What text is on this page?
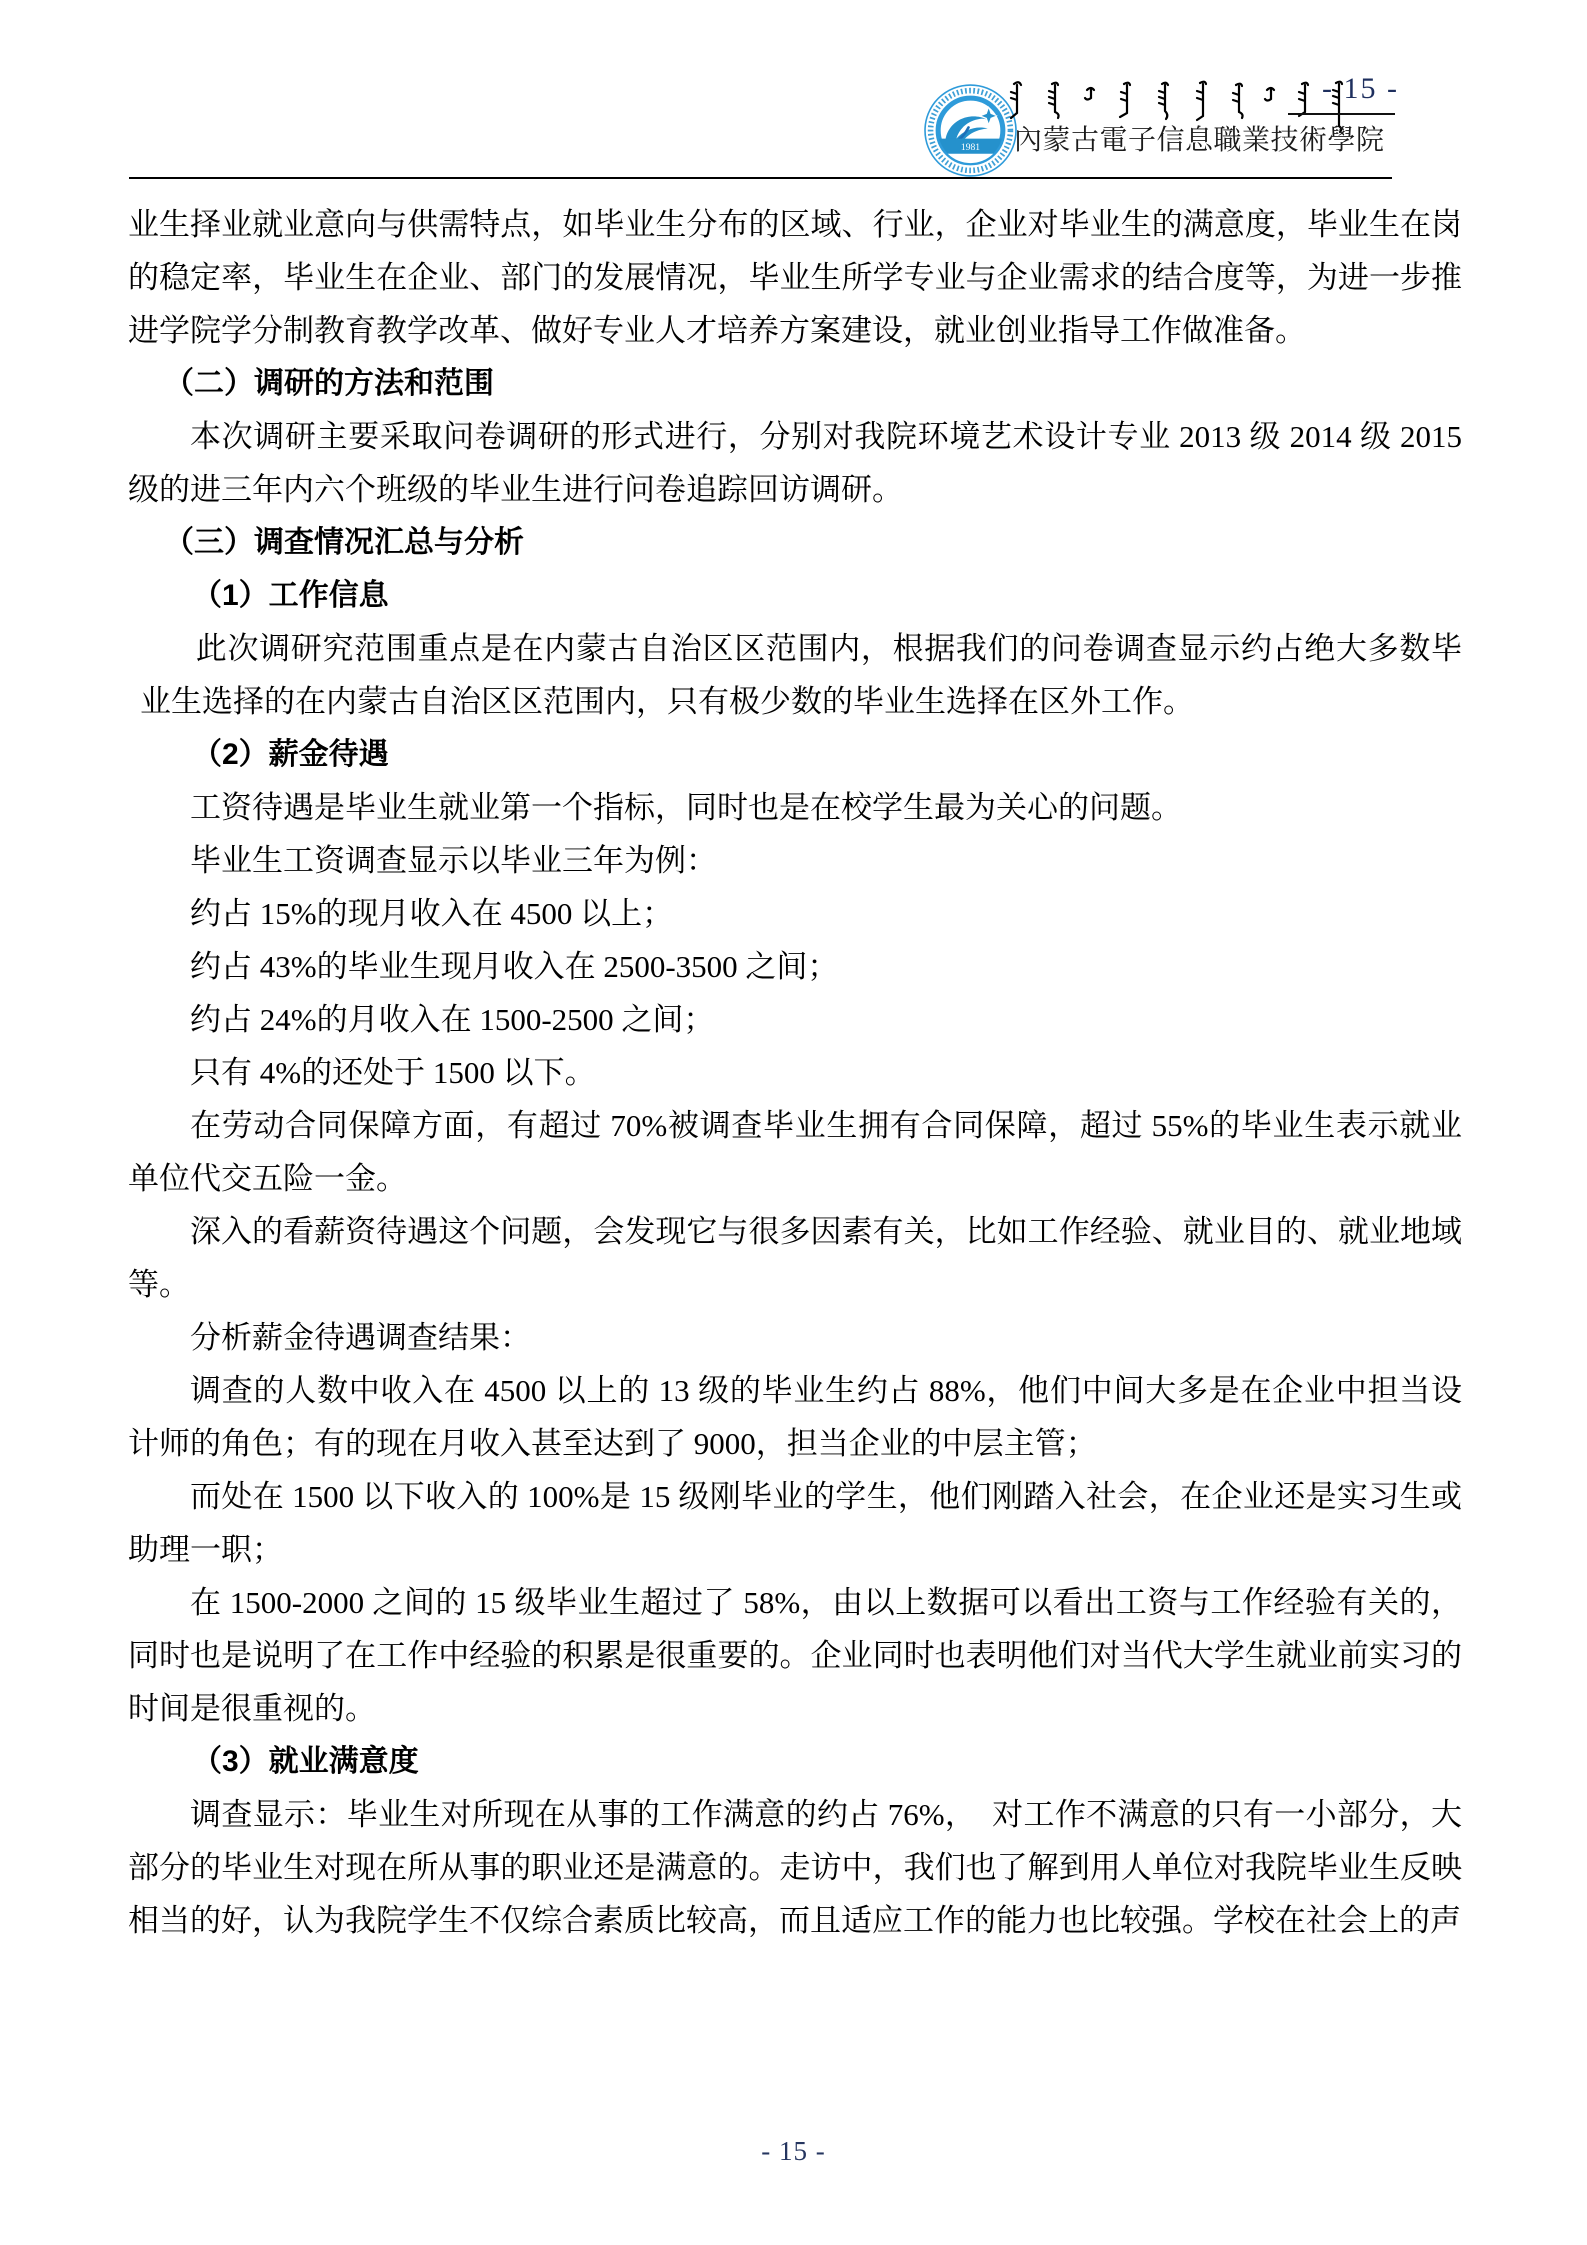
1981
- 15 -
內蒙古電子信息職業技術學院
业生择业就业意向与供需特点，如毕业生分布的区域、行业，企业对毕业生的满意度，毕业生在岗的稳定率，毕业生在企业、部门的发展情况，毕业生所学专业与企业需求的结合度等，为进一步推进学院学分制教育教学改革、做好专业人才培养方案建设，就业创业指导工作做准备。
（二）调研的方法和范围
本次调研主要采取问卷调研的形式进行，分别对我院环境艺术设计专业 2013 级 2014 级 2015 级的进三年内六个班级的毕业生进行问卷追踪回访调研。
（三）调查情况汇总与分析
（1）工作信息
此次调研究范围重点是在内蒙古自治区区范围内，根据我们的问卷调查显示约占绝大多数毕业生选择的在内蒙古自治区区范围内，只有极少数的毕业生选择在区外工作。
（2）薪金待遇
工资待遇是毕业生就业第一个指标，同时也是在校学生最为关心的问题。
毕业生工资调查显示以毕业三年为例：
约占 15%的现月收入在 4500 以上；
约占 43%的毕业生现月收入在 2500-3500 之间；
约占 24%的月收入在 1500-2500 之间；
只有 4%的还处于 1500 以下。
在劳动合同保障方面，有超过 70%被调查毕业生拥有合同保障，超过 55%的毕业生表示就业单位代交五险一金。
深入的看薪资待遇这个问题，会发现它与很多因素有关，比如工作经验、就业目的、就业地域等。
分析薪金待遇调查结果：
调查的人数中收入在 4500 以上的 13 级的毕业生约占 88%，他们中间大多是在企业中担当设计师的角色；有的现在月收入甚至达到了 9000，担当企业的中层主管；
而处在 1500 以下收入的 100%是 15 级刚毕业的学生，他们刚踏入社会，在企业还是实习生或助理一职；
在 1500-2000 之间的 15 级毕业生超过了 58%，由以上数据可以看出工资与工作经验有关的，同时也是说明了在工作中经验的积累是很重要的。企业同时也表明他们对当代大学生就业前实习的时间是很重视的。
（3）就业满意度
调查显示：毕业生对所现在从事的工作满意的约占 76%，　对工作不满意的只有一小部分，大部分的毕业生对现在所从事的职业还是满意的。走访中，我们也了解到用人单位对我院毕业生反映相当的好，认为我院学生不仅综合素质比较高，而且适应工作的能力也比较强。学校在社会上的声
- 15 -
